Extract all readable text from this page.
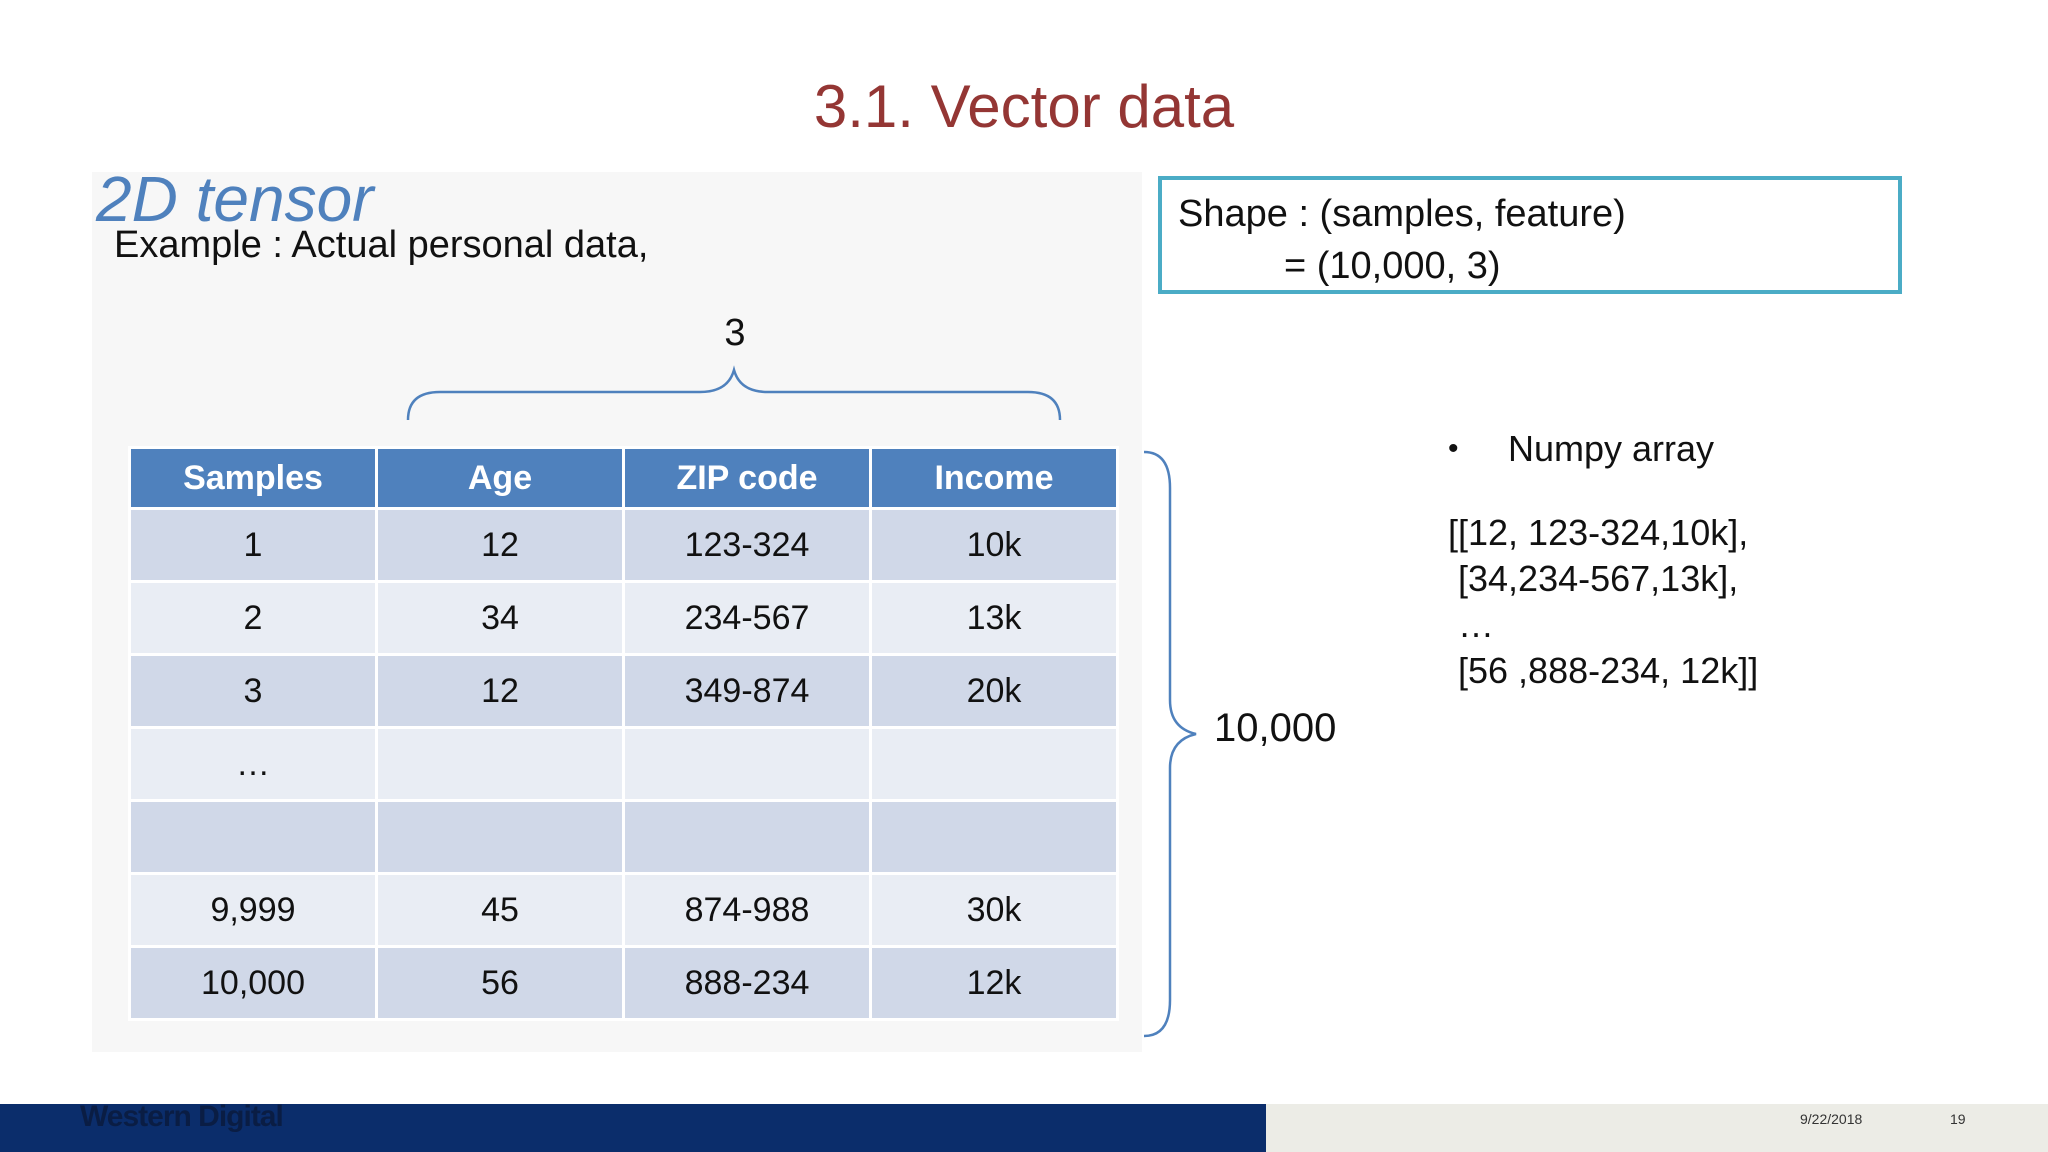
3.1. Vector data
2D tensor
Example : Actual personal data,
Shape : (samples, feature)
= (10,000, 3)
3
10,000
Samples	Age	ZIP code	Income
1	12	123-324	10k
2	34	234-567	13k
3	12	349-874	20k
…			

9,999	45	874-988	30k
10,000	56	888-234	12k
•	Numpy array
[[12, 123-324,10k],
[34,234-567,13k],
…
[56 ,888-234, 12k]]
Western Digital	9/22/2018	19
